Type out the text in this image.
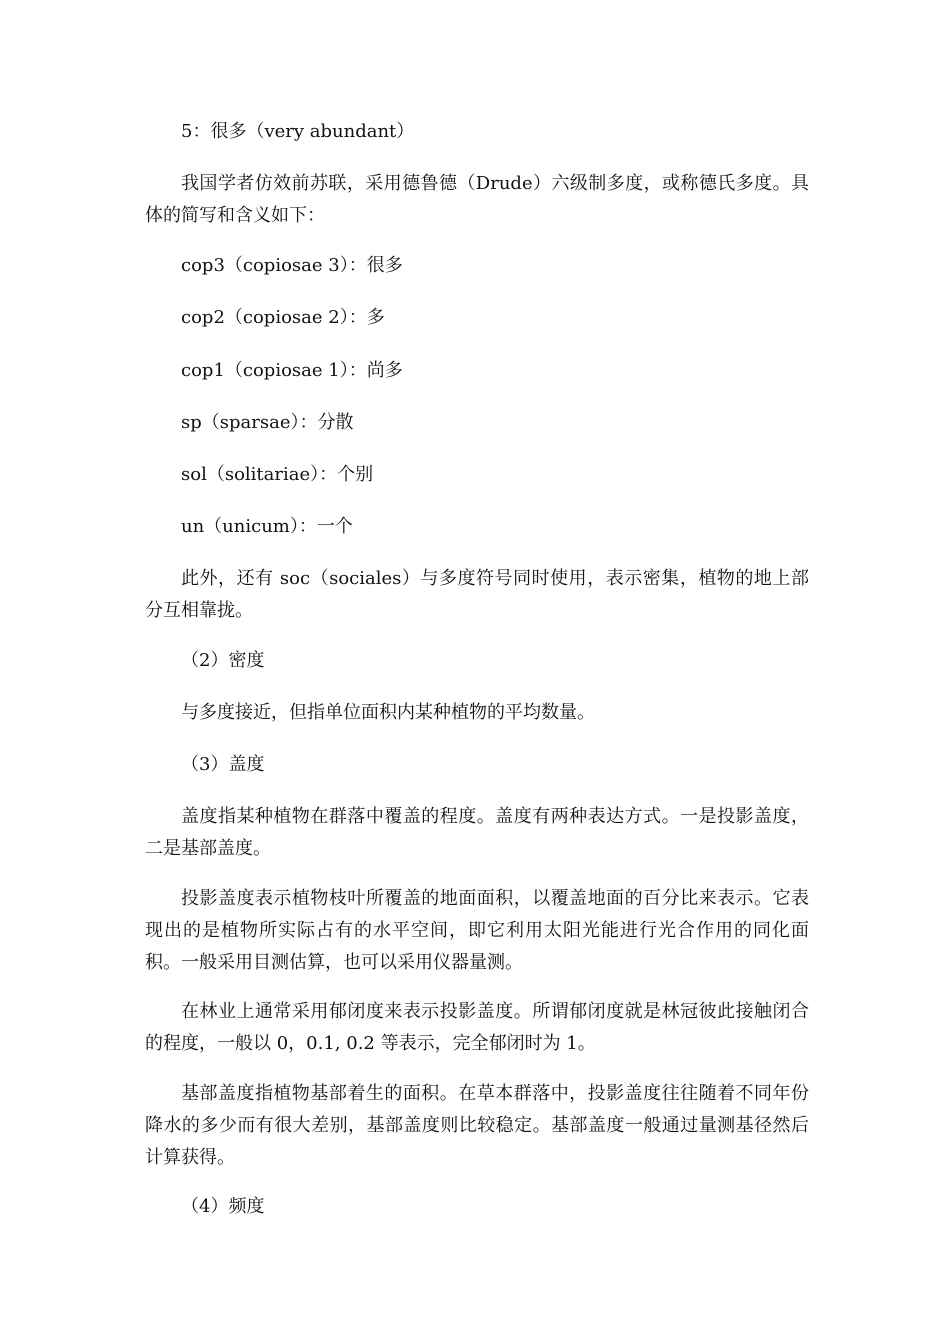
5：很多（very abundant）

我国学者仿效前苏联，采用德鲁德（Drude）六级制多度，或称德氏多度。具体的简写和含义如下：

cop3（copiosae 3）：很多

cop2（copiosae 2）：多

cop1（copiosae 1）：尚多

sp（sparsae）：分散

sol（solitariae）：个别

un（unicum）：一个

此外，还有 soc（sociales）与多度符号同时使用，表示密集，植物的地上部分互相靠拢。

（2）密度

与多度接近，但指单位面积内某种植物的平均数量。

（3）盖度

盖度指某种植物在群落中覆盖的程度。盖度有两种表达方式。一是投影盖度，二是基部盖度。

投影盖度表示植物枝叶所覆盖的地面面积，以覆盖地面的百分比来表示。它表现出的是植物所实际占有的水平空间，即它利用太阳光能进行光合作用的同化面积。一般采用目测估算，也可以采用仪器量测。

在林业上通常采用郁闭度来表示投影盖度。所谓郁闭度就是林冠彼此接触闭合的程度，一般以 0，0.1, 0.2 等表示，完全郁闭时为 1。

基部盖度指植物基部着生的面积。在草本群落中，投影盖度往往随着不同年份降水的多少而有很大差别，基部盖度则比较稳定。基部盖度一般通过量测基径然后计算获得。

（4）频度
